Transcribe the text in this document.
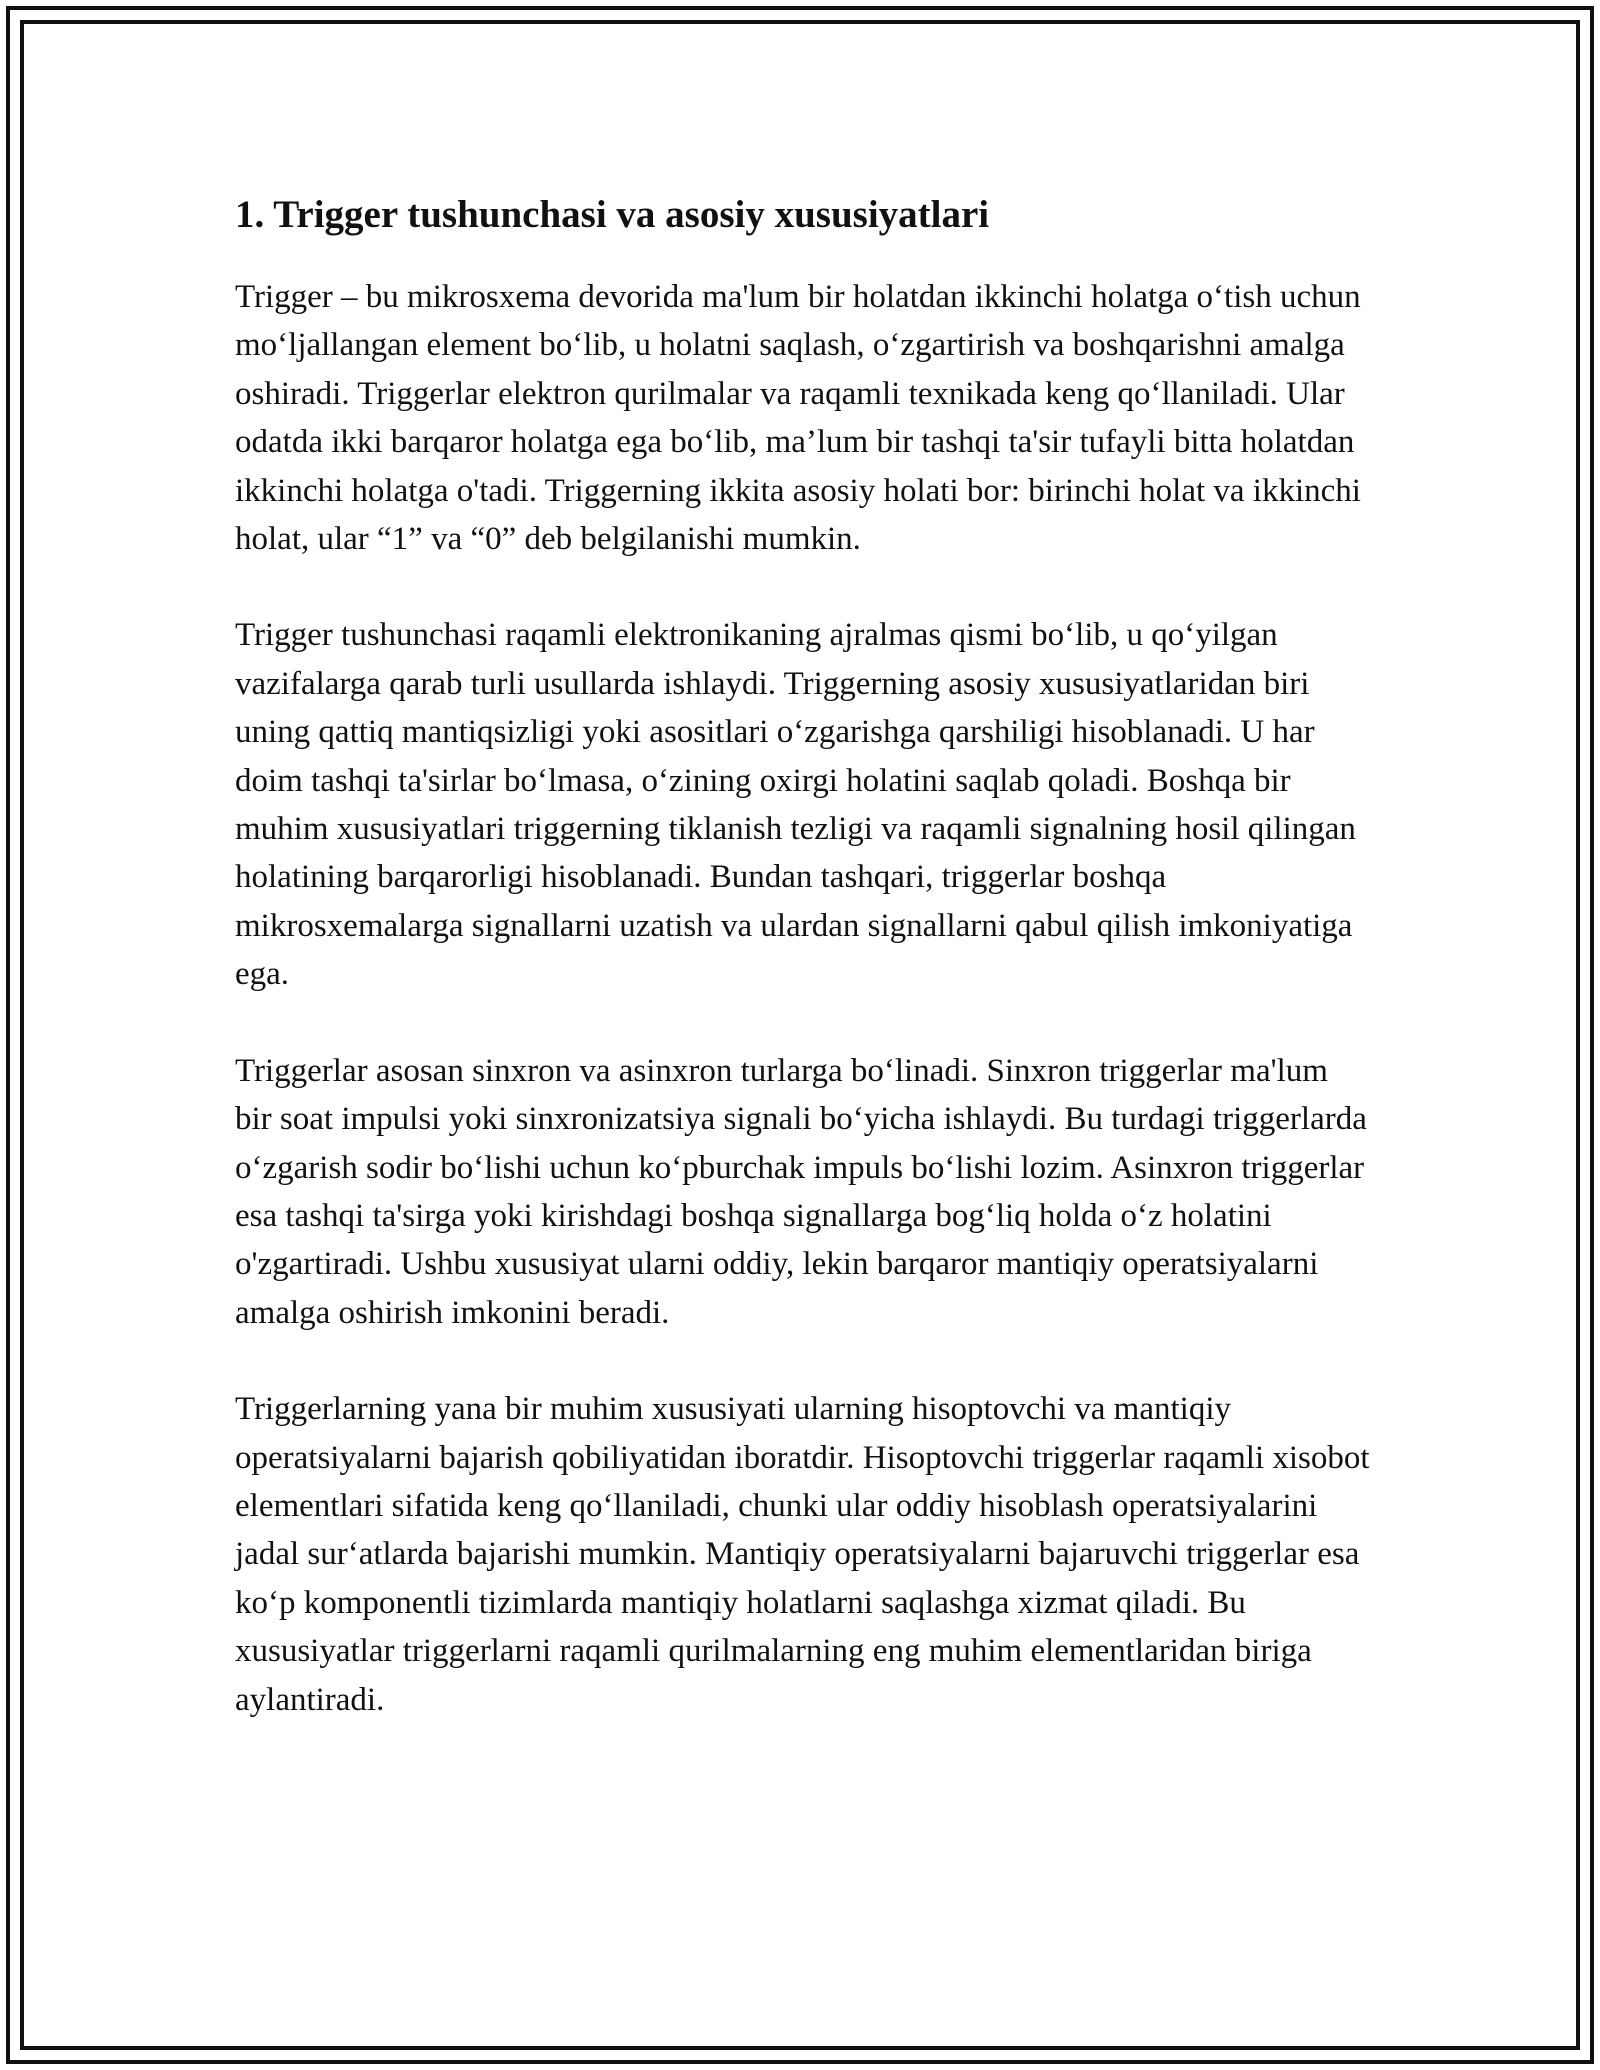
1. Trigger tushunchasi va asosiy xususiyatlari

Trigger – bu mikrosxema devorida ma'lum bir holatdan ikkinchi holatga o‘tish uchun mo‘ljallangan element bo‘lib, u holatni saqlash, o‘zgartirish va boshqarishni amalga oshiradi. Triggerlar elektron qurilmalar va raqamli texnikada keng qo‘llaniladi. Ular odatda ikki barqaror holatga ega bo‘lib, ma’lum bir tashqi ta'sir tufayli bitta holatdan ikkinchi holatga o'tadi. Triggerning ikkita asosiy holati bor: birinchi holat va ikkinchi holat, ular “1” va “0” deb belgilanishi mumkin.

Trigger tushunchasi raqamli elektronikaning ajralmas qismi bo‘lib, u qo‘yilgan vazifalarga qarab turli usullarda ishlaydi. Triggerning asosiy xususiyatlaridan biri uning qattiq mantiqsizligi yoki asositlari o‘zgarishga qarshiligi hisoblanadi. U har doim tashqi ta'sirlar bo‘lmasa, o‘zining oxirgi holatini saqlab qoladi. Boshqa bir muhim xususiyatlari triggerning tiklanish tezligi va raqamli signalning hosil qilingan holatining barqarorligi hisoblanadi. Bundan tashqari, triggerlar boshqa mikrosxemalarga signallarni uzatish va ulardan signallarni qabul qilish imkoniyatiga ega.

Triggerlar asosan sinxron va asinxron turlarga bo‘linadi. Sinxron triggerlar ma'lum bir soat impulsi yoki sinxronizatsiya signali bo‘yicha ishlaydi. Bu turdagi triggerlarda o‘zgarish sodir bo‘lishi uchun ko‘pburchak impuls bo‘lishi lozim. Asinxron triggerlar esa tashqi ta'sirga yoki kirishdagi boshqa signallarga bog‘liq holda o‘z holatini o'zgartiradi. Ushbu xususiyat ularni oddiy, lekin barqaror mantiqiy operatsiyalarni amalga oshirish imkonini beradi.

Triggerlarning yana bir muhim xususiyati ularning hisoptovchi va mantiqiy operatsiyalarni bajarish qobiliyatidan iboratdir. Hisoptovchi triggerlar raqamli xisobot elementlari sifatida keng qo‘llaniladi, chunki ular oddiy hisoblash operatsiyalarini jadal sur‘atlarda bajarishi mumkin. Mantiqiy operatsiyalarni bajaruvchi triggerlar esa ko‘p komponentli tizimlarda mantiqiy holatlarni saqlashga xizmat qiladi. Bu xususiyatlar triggerlarni raqamli qurilmalarning eng muhim elementlaridan biriga aylantiradi.
